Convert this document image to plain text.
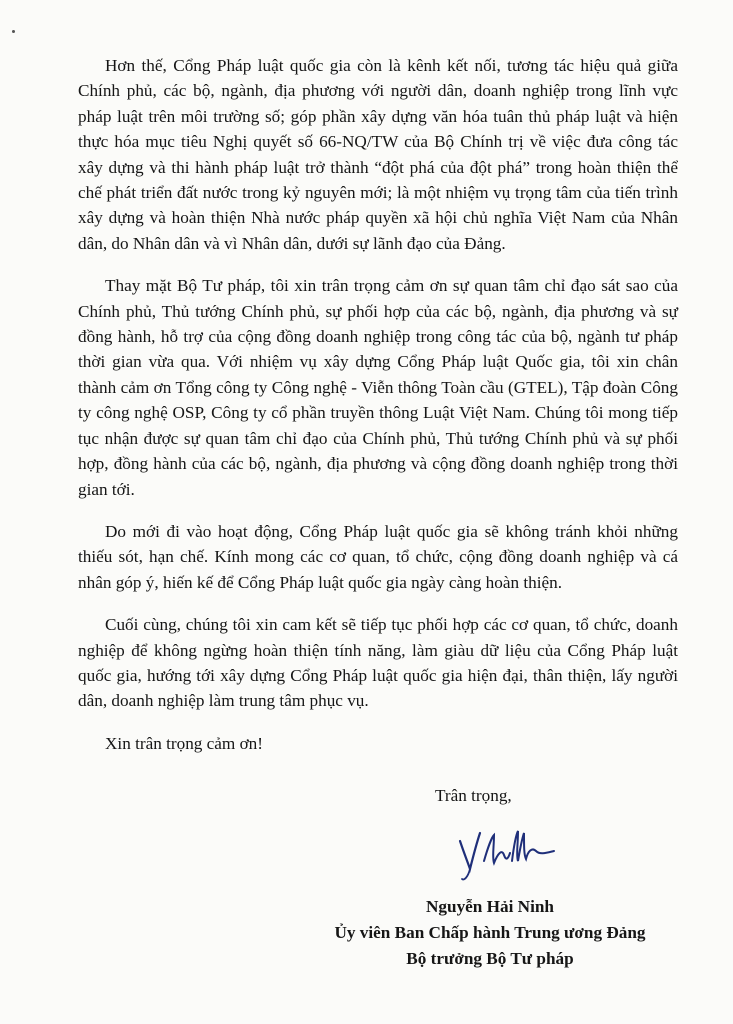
Hơn thế, Cổng Pháp luật quốc gia còn là kênh kết nối, tương tác hiệu quả giữa Chính phủ, các bộ, ngành, địa phương với người dân, doanh nghiệp trong lĩnh vực pháp luật trên môi trường số; góp phần xây dựng văn hóa tuân thủ pháp luật và hiện thực hóa mục tiêu Nghị quyết số 66-NQ/TW của Bộ Chính trị về việc đưa công tác xây dựng và thi hành pháp luật trở thành “đột phá của đột phá” trong hoàn thiện thể chế phát triển đất nước trong kỷ nguyên mới; là một nhiệm vụ trọng tâm của tiến trình xây dựng và hoàn thiện Nhà nước pháp quyền xã hội chủ nghĩa Việt Nam của Nhân dân, do Nhân dân và vì Nhân dân, dưới sự lãnh đạo của Đảng.

Thay mặt Bộ Tư pháp, tôi xin trân trọng cảm ơn sự quan tâm chỉ đạo sát sao của Chính phủ, Thủ tướng Chính phủ, sự phối hợp của các bộ, ngành, địa phương và sự đồng hành, hỗ trợ của cộng đồng doanh nghiệp trong công tác của bộ, ngành tư pháp thời gian vừa qua. Với nhiệm vụ xây dựng Cổng Pháp luật Quốc gia, tôi xin chân thành cảm ơn Tổng công ty Công nghệ - Viễn thông Toàn cầu (GTEL), Tập đoàn Công ty công nghệ OSP, Công ty cổ phần truyền thông Luật Việt Nam. Chúng tôi mong tiếp tục nhận được sự quan tâm chỉ đạo của Chính phủ, Thủ tướng Chính phủ và sự phối hợp, đồng hành của các bộ, ngành, địa phương và cộng đồng doanh nghiệp trong thời gian tới.

Do mới đi vào hoạt động, Cổng Pháp luật quốc gia sẽ không tránh khỏi những thiếu sót, hạn chế. Kính mong các cơ quan, tổ chức, cộng đồng doanh nghiệp và cá nhân góp ý, hiến kế để Cổng Pháp luật quốc gia ngày càng hoàn thiện.

Cuối cùng, chúng tôi xin cam kết sẽ tiếp tục phối hợp các cơ quan, tổ chức, doanh nghiệp để không ngừng hoàn thiện tính năng, làm giàu dữ liệu của Cổng Pháp luật quốc gia, hướng tới xây dựng Cổng Pháp luật quốc gia hiện đại, thân thiện, lấy người dân, doanh nghiệp làm trung tâm phục vụ.

Xin trân trọng cảm ơn!

Trân trọng,
Nguyễn Hải Ninh
Ủy viên Ban Chấp hành Trung ương Đảng
Bộ trưởng Bộ Tư pháp
